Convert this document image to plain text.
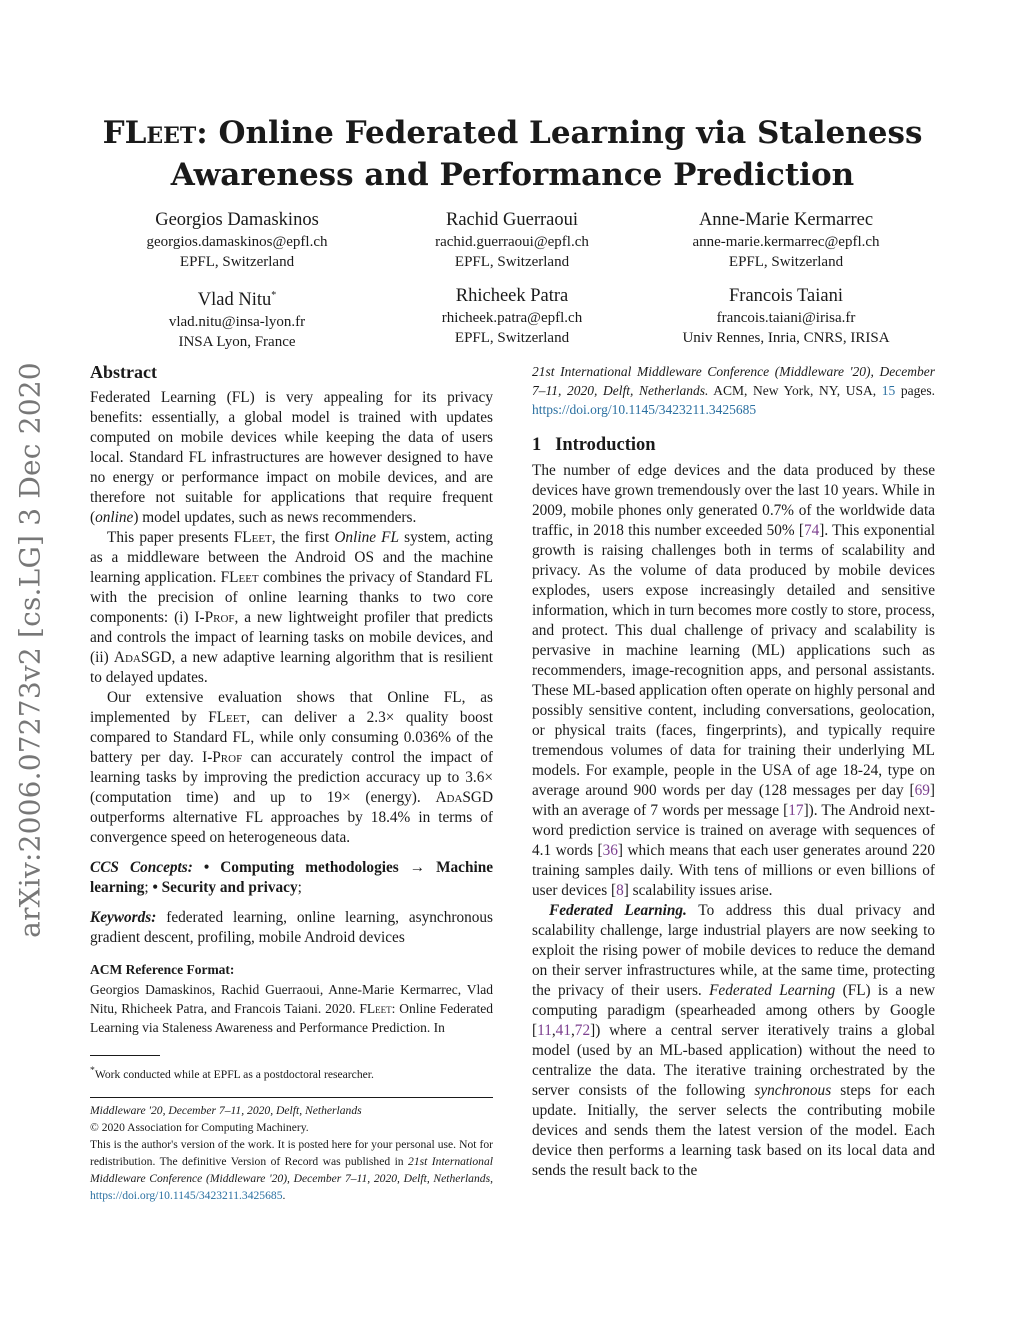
arXiv:2006.07273v2 [cs.LG] 3 Dec 2020
FLeet: Online Federated Learning via Staleness Awareness and Performance Prediction
Georgios Damaskinos
georgios.damaskinos@epfl.ch
EPFL, Switzerland
Rachid Guerraoui
rachid.guerraoui@epfl.ch
EPFL, Switzerland
Anne-Marie Kermarrec
anne-marie.kermarrec@epfl.ch
EPFL, Switzerland
Vlad Nitu*
vlad.nitu@insa-lyon.fr
INSA Lyon, France
Rhicheek Patra
rhicheek.patra@epfl.ch
EPFL, Switzerland
Francois Taiani
francois.taiani@irisa.fr
Univ Rennes, Inria, CNRS, IRISA
Abstract

Federated Learning (FL) is very appealing for its privacy benefits: essentially, a global model is trained with updates computed on mobile devices while keeping the data of users local. Standard FL infrastructures are however designed to have no energy or performance impact on mobile devices, and are therefore not suitable for applications that require frequent (online) model updates, such as news recommenders.

This paper presents FLeet, the first Online FL system, acting as a middleware between the Android OS and the machine learning application. FLeet combines the privacy of Standard FL with the precision of online learning thanks to two core components: (i) I-Prof, a new lightweight profiler that predicts and controls the impact of learning tasks on mobile devices, and (ii) AdaSGD, a new adaptive learning algorithm that is resilient to delayed updates.

Our extensive evaluation shows that Online FL, as implemented by FLeet, can deliver a 2.3× quality boost compared to Standard FL, while only consuming 0.036% of the battery per day. I-Prof can accurately control the impact of learning tasks by improving the prediction accuracy up to 3.6× (computation time) and up to 19× (energy). AdaSGD outperforms alternative FL approaches by 18.4% in terms of convergence speed on heterogeneous data.

CCS Concepts: • Computing methodologies → Machine learning; • Security and privacy;

Keywords: federated learning, online learning, asynchronous gradient descent, profiling, mobile Android devices

ACM Reference Format:

Georgios Damaskinos, Rachid Guerraoui, Anne-Marie Kermarrec, Vlad Nitu, Rhicheek Patra, and Francois Taiani. 2020. FLeet: Online Federated Learning via Staleness Awareness and Performance Prediction. In

*Work conducted while at EPFL as a postdoctoral researcher.

Middleware '20, December 7–11, 2020, Delft, Netherlands

© 2020 Association for Computing Machinery.

This is the author's version of the work. It is posted here for your personal use. Not for redistribution. The definitive Version of Record was published in 21st International Middleware Conference (Middleware '20), December 7–11, 2020, Delft, Netherlands, https://doi.org/10.1145/3423211.3425685.

21st International Middleware Conference (Middleware '20), December 7–11, 2020, Delft, Netherlands. ACM, New York, NY, USA, 15 pages. https://doi.org/10.1145/3423211.3425685

1 Introduction

The number of edge devices and the data produced by these devices have grown tremendously over the last 10 years. While in 2009, mobile phones only generated 0.7% of the worldwide data traffic, in 2018 this number exceeded 50% [74]. This exponential growth is raising challenges both in terms of scalability and privacy. As the volume of data produced by mobile devices explodes, users expose increasingly detailed and sensitive information, which in turn becomes more costly to store, process, and protect. This dual challenge of privacy and scalability is pervasive in machine learning (ML) applications such as recommenders, image-recognition apps, and personal assistants. These ML-based application often operate on highly personal and possibly sensitive content, including conversations, geolocation, or physical traits (faces, fingerprints), and typically require tremendous volumes of data for training their underlying ML models. For example, people in the USA of age 18-24, type on average around 900 words per day (128 messages per day [69] with an average of 7 words per message [17]). The Android next-word prediction service is trained on average with sequences of 4.1 words [36] which means that each user generates around 220 training samples daily. With tens of millions or even billions of user devices [8] scalability issues arise.

Federated Learning. To address this dual privacy and scalability challenge, large industrial players are now seeking to exploit the rising power of mobile devices to reduce the demand on their server infrastructures while, at the same time, protecting the privacy of their users. Federated Learning (FL) is a new computing paradigm (spearheaded among others by Google [11,41,72]) where a central server iteratively trains a global model (used by an ML-based application) without the need to centralize the data. The iterative training orchestrated by the server consists of the following synchronous steps for each update. Initially, the server selects the contributing mobile devices and sends them the latest version of the model. Each device then performs a learning task based on its local data and sends the result back to the
